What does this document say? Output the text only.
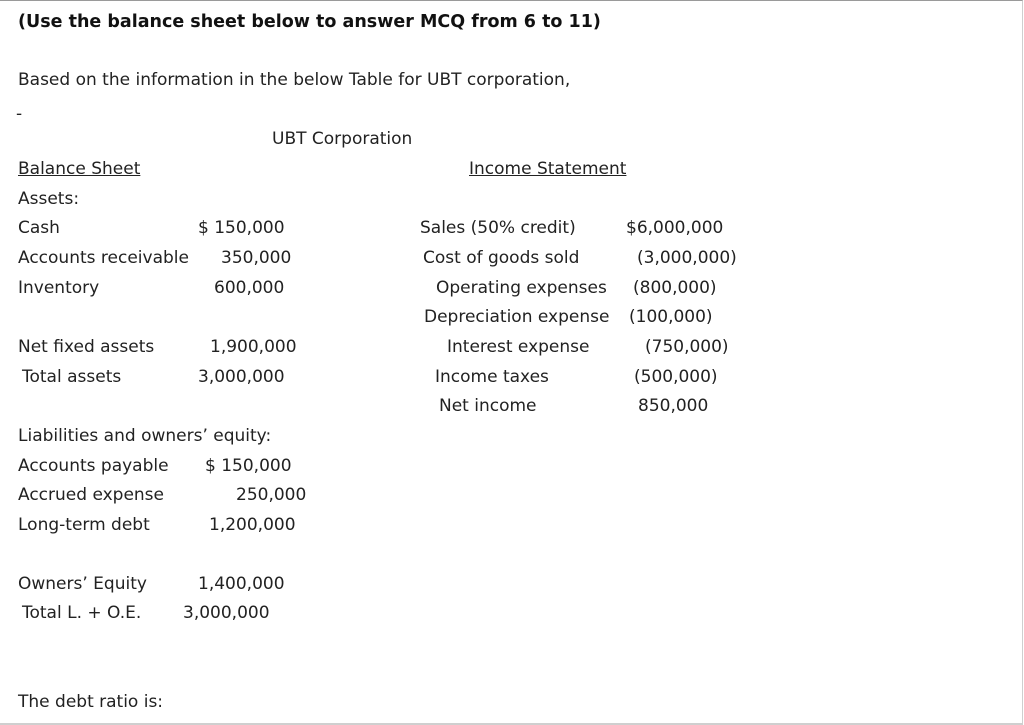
(Use the balance sheet below to answer MCQ from 6 to 11)
Based on the information in the below Table for UBT corporation,
-
UBT Corporation
Balance Sheet
Assets:
Cash	$ 150,000
Accounts receivable 350,000
Inventory	600,000
Net fixed assets	1,900,000
Total assets	3,000,000
Liabilities and owners’ equity:
Accounts payable $ 150,000
Accrued expense	250,000
Long-term debt	1,200,000
Owners’ Equity	1,400,000
Total L. + O.E. 3,000,000
Income Statement
Sales (50% credit)	$6,000,000
Cost of goods sold	(3,000,000)
Operating expenses (800,000)
Depreciation expense (100,000)
Interest expense	(750,000)
Income taxes	(500,000)
Net income	850,000
The debt ratio is:
